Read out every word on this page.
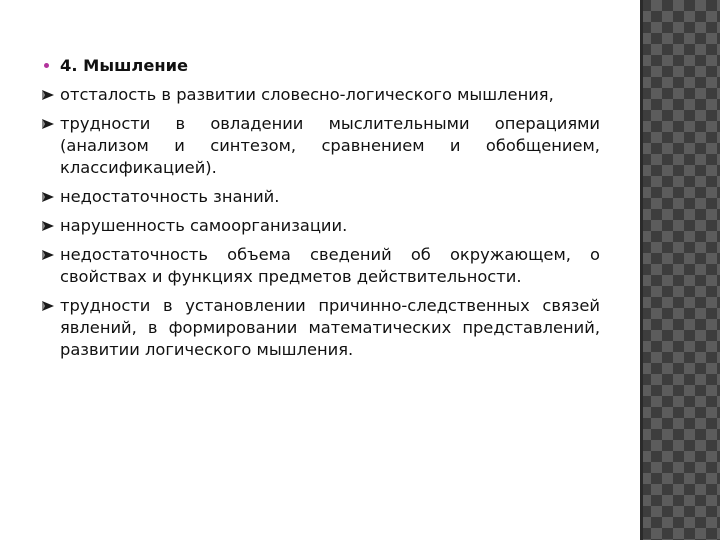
4. Мышление
отсталость в развитии словесно-логического мышления,
трудности в овладении мыслительными операциями (анализом и синтезом, сравнением и обобщением, классификацией).
недостаточность знаний.
нарушенность самоорганизации.
недостаточность объема сведений об окружающем, о свойствах и функциях предметов действительности.
трудности в установлении причинно-следственных связей явлений, в формировании математических представлений, развитии логического мышления.
